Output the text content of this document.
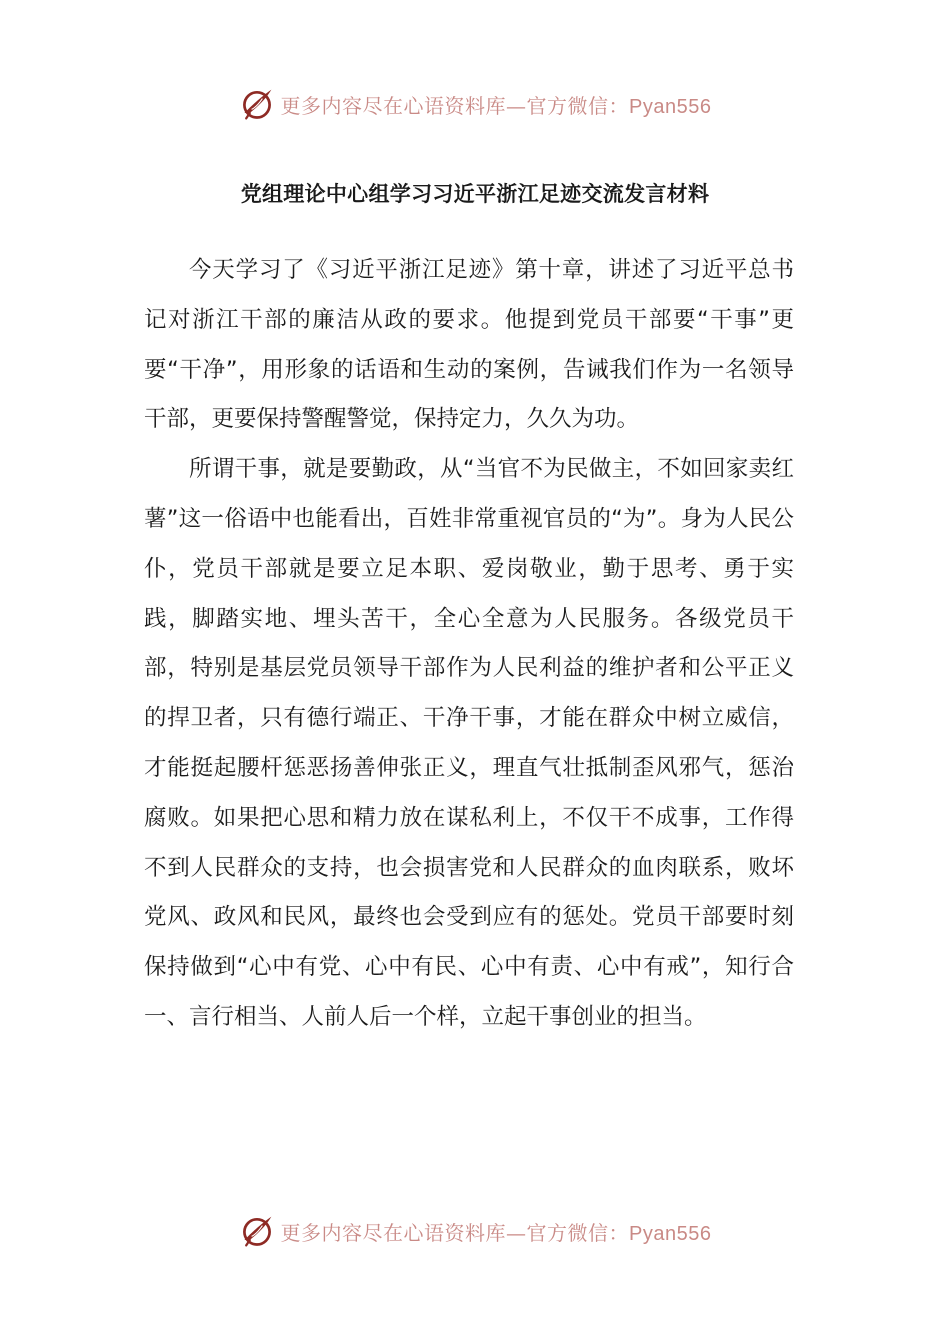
更多内容尽在心语资料库—官方微信：Pyan556
党组理论中心组学习习近平浙江足迹交流发言材料

今天学习了《习近平浙江足迹》第十章，讲述了习近平总书记对浙江干部的廉洁从政的要求。他提到党员干部要“干事”更要“干净”，用形象的话语和生动的案例，告诫我们作为一名领导干部，更要保持警醒警觉，保持定力，久久为功。

所谓干事，就是要勤政，从“当官不为民做主，不如回家卖红薯”这一俗语中也能看出，百姓非常重视官员的“为”。身为人民公仆，党员干部就是要立足本职、爱岗敬业，勤于思考、勇于实践，脚踏实地、埋头苦干，全心全意为人民服务。各级党员干部，特别是基层党员领导干部作为人民利益的维护者和公平正义的捍卫者，只有德行端正、干净干事，才能在群众中树立威信，才能挺起腰杆惩恶扬善伸张正义，理直气壮抵制歪风邪气，惩治腐败。如果把心思和精力放在谋私利上，不仅干不成事，工作得不到人民群众的支持，也会损害党和人民群众的血肉联系，败坏党风、政风和民风，最终也会受到应有的惩处。党员干部要时刻保持做到“心中有党、心中有民、心中有责、心中有戒”，知行合一、言行相当、人前人后一个样，立起干事创业的担当。

更多内容尽在心语资料库—官方微信：Pyan556
